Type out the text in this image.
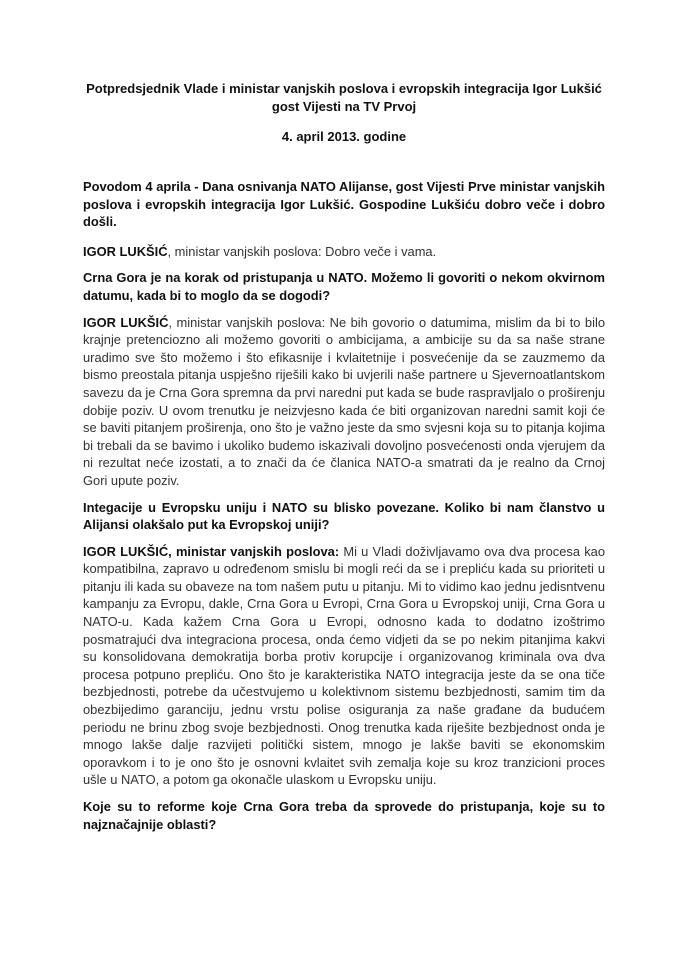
Potpredsjednik Vlade i ministar vanjskih poslova i evropskih integracija Igor Lukšić gost Vijesti na TV Prvoj
4. april 2013. godine

Povodom 4 aprila - Dana osnivanja NATO Alijanse, gost Vijesti Prve ministar vanjskih poslova i evropskih integracija Igor Lukšić. Gospodine Lukšiću dobro veče i dobro došli.

IGOR LUKŠIĆ, ministar vanjskih poslova: Dobro veče i vama.

Crna Gora je na korak od pristupanja u NATO. Možemo li govoriti o nekom okvirnom datumu, kada bi to moglo da se dogodi?

IGOR LUKŠIĆ, ministar vanjskih poslova: Ne bih govorio o datumima, mislim da bi to bilo krajnje pretenciozno ali možemo govoriti o ambicijama, a ambicije su da sa naše strane uradimo sve što možemo i što efikasnije i kvlaitetnije i posvećenije da se zauzmemo da bismo preostala pitanja uspješno riješili kako bi uvjerili naše partnere u Sjevernoatlantskom savezu da je Crna Gora spremna da prvi naredni put kada se bude raspravljalo o proširenju dobije poziv. U ovom trenutku je neizvjesno kada će biti organizovan naredni samit koji će se baviti pitanjem proširenja, ono što je važno jeste da smo svjesni koja su to pitanja kojima bi trebali da se bavimo i ukoliko budemo iskazivali dovoljno posvećenosti onda vjerujem da ni rezultat neće izostati, a to znači da će članica NATO-a smatrati da je realno da Crnoj Gori upute poziv.

Integacije u Evropsku uniju i NATO su blisko povezane. Koliko bi nam članstvo u Alijansi olakšalo put ka Evropskoj uniji?

IGOR LUKŠIĆ, ministar vanjskih poslova: Mi u Vladi doživljavamo ova dva procesa kao kompatibilna, zapravo u određenom smislu bi mogli reći da se i prepliću kada su prioriteti u pitanju ili kada su obaveze na tom našem putu u pitanju. Mi to vidimo kao jednu jedisntvenu kampanju za Evropu, dakle, Crna Gora u Evropi, Crna Gora u Evropskoj uniji, Crna Gora u NATO-u. Kada kažem Crna Gora u Evropi, odnosno kada to dodatno izoštrimo posmatrajući dva integraciona procesa, onda ćemo vidjeti da se po nekim pitanjima kakvi su konsolidovana demokratija borba protiv korupcije i organizovanog kriminala ova dva procesa potpuno prepliću. Ono što je karakteristika NATO integracija jeste da se ona tiče bezbjednosti, potrebe da učestvujemo u kolektivnom sistemu bezbjednosti, samim tim da obezbijedimo garanciju, jednu vrstu polise osiguranja za naše građane da budućem periodu ne brinu zbog svoje bezbjednosti. Onog trenutka kada riješite bezbjednost onda je mnogo lakše dalje razvijeti politički sistem, mnogo je lakše baviti se ekonomskim oporavkom i to je ono što je osnovni kvlaitet svih zemalja koje su kroz tranzicioni proces ušle u NATO, a potom ga okonačle ulaskom u Evropsku uniju.

Koje su to reforme koje Crna Gora treba da sprovede do pristupanja, koje su to najznačajnije oblasti?
